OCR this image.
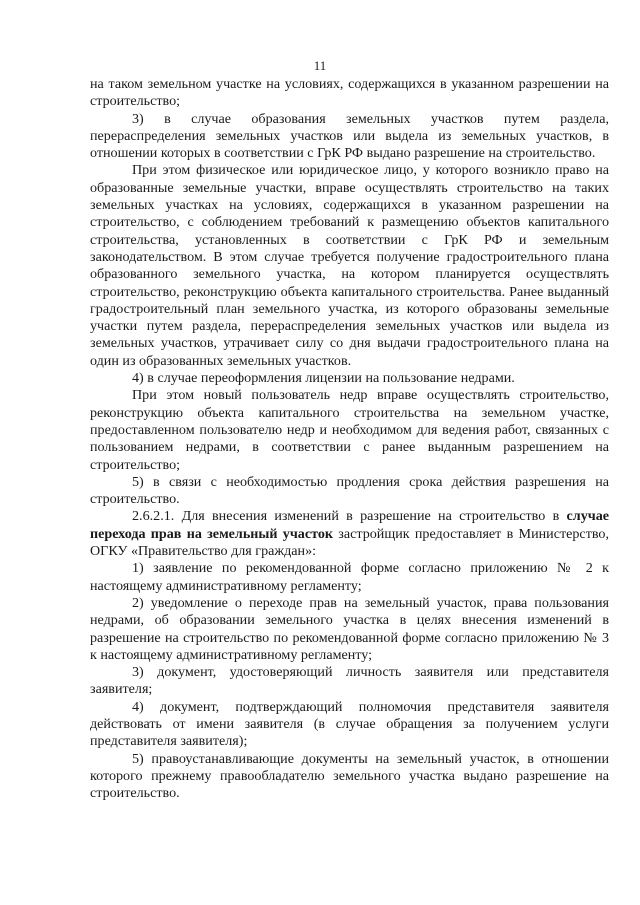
11

на таком земельном участке на условиях, содержащихся в указанном разрешении на строительство;

3) в случае образования земельных участков путем раздела, перераспределения земельных участков или выдела из земельных участков, в отношении которых в соответствии с ГрК РФ выдано разрешение на строительство.

При этом физическое или юридическое лицо, у которого возникло право на образованные земельные участки, вправе осуществлять строительство на таких земельных участках на условиях, содержащихся в указанном разрешении на строительство, с соблюдением требований к размещению объектов капитального строительства, установленных в соответствии с ГрК РФ и земельным законодательством. В этом случае требуется получение градостроительного плана образованного земельного участка, на котором планируется осуществлять строительство, реконструкцию объекта капитального строительства. Ранее выданный градостроительный план земельного участка, из которого образованы земельные участки путем раздела, перераспределения земельных участков или выдела из земельных участков, утрачивает силу со дня выдачи градостроительного плана на один из образованных земельных участков.

4) в случае переоформления лицензии на пользование недрами.

При этом новый пользователь недр вправе осуществлять строительство, реконструкцию объекта капитального строительства на земельном участке, предоставленном пользователю недр и необходимом для ведения работ, связанных с пользованием недрами, в соответствии с ранее выданным разрешением на строительство;

5) в связи с необходимостью продления срока действия разрешения на строительство.

2.6.2.1. Для внесения изменений в разрешение на строительство в случае перехода прав на земельный участок застройщик предоставляет в Министерство, ОГКУ «Правительство для граждан»:

1) заявление по рекомендованной форме согласно приложению № 2 к настоящему административному регламенту;

2) уведомление о переходе прав на земельный участок, права пользования недрами, об образовании земельного участка в целях внесения изменений в разрешение на строительство по рекомендованной форме согласно приложению № 3 к настоящему административному регламенту;

3) документ, удостоверяющий личность заявителя или представителя заявителя;

4) документ, подтверждающий полномочия представителя заявителя действовать от имени заявителя (в случае обращения за получением услуги представителя заявителя);

5) правоустанавливающие документы на земельный участок, в отношении которого прежнему правообладателю земельного участка выдано разрешение на строительство.
